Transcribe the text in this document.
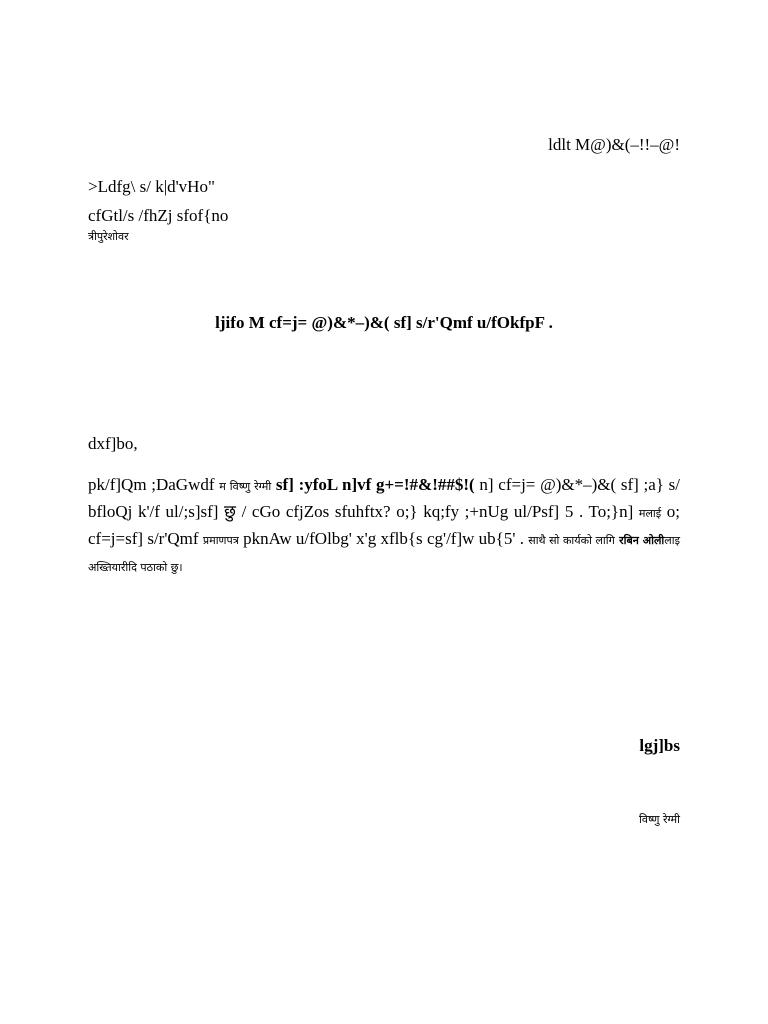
ldlt M@)&(–!!–@!
>Ldfg\ s/ k|d'vHo"
cfGtl/s /fhZj sfof{no
त्रीपुरेशोवर
ljifo M cf=j= @)&*–)&( sf] s/r'Qmf u/fOkfpF .
dxf]bo,
pk/f]Qm ;DaGwdf म विष्णु रेग्मी sf] :yfoL n]vf g+=!#&!##$!( n] cf=j= @)&*–)&( sf] ;a} s/ bfloQj k'/f ul/;s]sf] छु / cGo cfjZos sfuhftx? o;} kq;fy ;+nUg ul/Psf] 5 . To;}n] मलाई o; cf=j=sf] s/r'Qmf प्रमाणपत्र pknAw u/fOlbg' x'g xflb{s cg'/f]w ub{5' . साथै सो कार्यको लागि रबिन ओलीलाइ अख्तियारीदि पठाको छु।
lgj]bs
विष्णु रेग्मी
